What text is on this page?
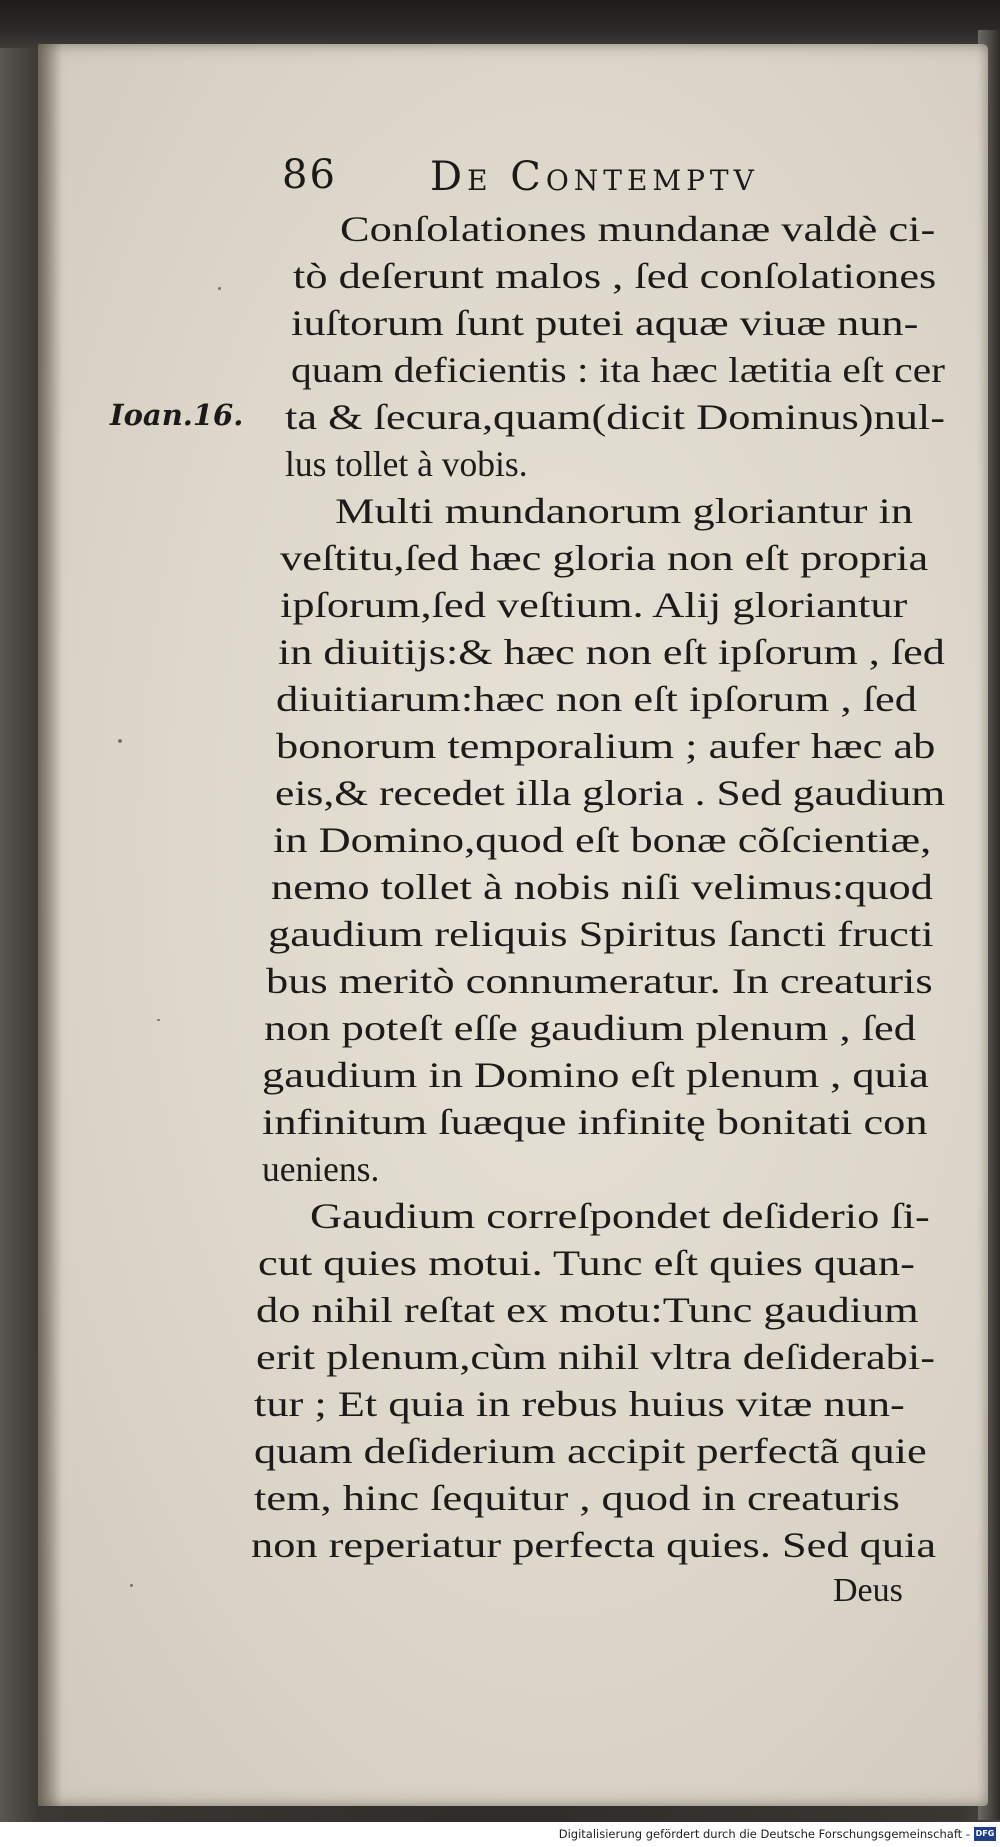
86 De Contemptv
Ioan.16.
Conſolationes mundanæ valdè ci-
tò deſerunt malos , ſed conſolationes
iuſtorum ſunt putei aquæ viuæ nun-
quam deficientis : ita hæc lætitia eſt cer
ta & ſecura,quam(dicit Dominus)nul-
lus tollet à vobis.
Multi mundanorum gloriantur in
veſtitu,ſed hæc gloria non eſt propria
ipſorum,ſed veſtium. Alij gloriantur
in diuitijs:& hæc non eſt ipſorum , ſed
diuitiarum:hæc non eſt ipſorum , ſed
bonorum temporalium ; aufer hæc ab
eis,& recedet illa gloria . Sed gaudium
in Domino,quod eſt bonæ cõſcientiæ,
nemo tollet à nobis niſi velimus:quod
gaudium reliquis Spiritus ſancti fructi
bus meritò connumeratur. In creaturis
non poteſt eſſe gaudium plenum , ſed
gaudium in Domino eſt plenum , quia
infinitum ſuæque infinitę bonitati con
ueniens.
Gaudium correſpondet deſiderio ſi-
cut quies motui. Tunc eſt quies quan-
do nihil reſtat ex motu:Tunc gaudium
erit plenum,cùm nihil vltra deſiderabi-
tur ; Et quia in rebus huius vitæ nun-
quam deſiderium accipit perfectã quie
tem, hinc ſequitur , quod in creaturis
non reperiatur perfecta quies. Sed quia
Deus
Digitalisierung gefördert durch die Deutsche Forschungsgemeinschaft - DFG
